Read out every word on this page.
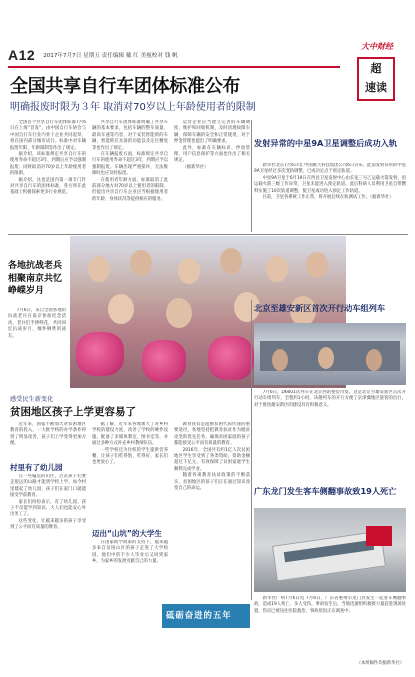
A12 2017年7月7日 星期五 责任编辑 戴 红 美视校对 钱 帆
大中财经
超
速读
全国共享自行车团体标准公布
明确报废时限为３年 取消对70岁以上年龄使用者的限制

全国首个共享自行车团体标准7月6日在上海“首发”，由中国自行车协会与中国自行车行业内骨干企业共同起草，将在国内部分城市试行。标准中对车辆报废年限、年龄限制等作出了规定。

据介绍，该标准规定共享自行车的使用寿命不超过3年，到期后应予以强制报废；同时取消对70岁以上年龄使用者的限制。

据介绍，这也是国内第一项专门针对共享自行车的团体标准，各方将在此基础上积极探索更多行业规范。

共享自行车团体标准明确了共享车辆的基本要求，包括车辆的整车质量、最高车速等内容，对于安装智能锁的车辆，智能锁应具备的功能以及定位精度等也作出了规定。

在车辆报废方面，标准规定共享自行车的使用寿命不超过3年，到期应予以强制报废。车辆出现严重损坏、无法维修时也应及时报废。

在使用者年龄方面，标准取消了此前部分地方对70岁以上使用者的限制，但提出共享自行车企业应当根据使用者的年龄、身体状况等提供相应的服务。

运营企业应当建立完善的车辆调度、维护和回收机制，及时清理故障车辆，保障车辆的安全和正常使用，对于押金管理也提出了明确要求。

此外，标准在车辆标识、停放管理、用户信息保护等方面也作出了相关规定。

（据新华社）

发射异常的中星9A卫星调整后成功入轨

新华社北京7月6日电 中国航天科技集团公司6日宣布，此前发射异常的中星9A卫星经过多次变轨调整，已成功定点于预定轨道。

中星9A卫星于6月19日在西昌卫星发射中心由长征三号乙运载火箭发射，因运载火箭三级工作异常，卫星未能进入预定轨道。此后科研人员利用卫星自带燃料实施了10次轨道调整，使卫星成功进入预定工作轨道。

目前，卫星各系统工作正常，将开展后续在轨测试工作。（据新华社）

各地抗战老兵相聚南京共忆峥嵘岁月

7月6日，来自全国各地的抗战老兵在南京参加纪念活动，老兵们手捧鲜花，共同回忆抗战岁月，缅怀牺牲的战友。

北京至雄安新区首次开行动车组列车

7月6日，D6601次列车在北京西站整装待发。这是北京至雄安新区首次开行动车组列车，全程约1小时。该趟列车的开行方便了京津冀地区旅客的出行，对于推进雄安新区的建设具有积极意义。

感受民生新变化
贫困地区孩子上学更容易了

近年来，国家不断加大对贫困地区教育的投入，一大批学校的办学条件得到了明显改善，孩子们上学变得更加方便。

村里有了幼儿园

在一些偏远的山区，过去孩子们要走很远的山路才能到学校上学。如今村里建起了幼儿园，孩子们在家门口就能接受学前教育。

家长们纷纷表示，有了幼儿园，孩子不仅能学到知识，大人们也能安心外出务工了。

这些变化，让越来越多的孩子享受到了公平而有质量的教育。

据了解，近年来各地加大了对乡村学校的建设力度，改善了学校的硬件设施，配备了多媒体教室、图书室等，并通过多种方式补充乡村教师队伍。

一些学校还为住校的学生提供营养餐，让孩子们吃得饱、吃得好，家长们也更放心了。

迈出“山坑”的大学生

在国家助学政策的支持下，越来越多来自贫困山区的孩子走进了大学校园，他们中的不少人毕业后又回到家乡，为家乡的发展贡献自己的力量。

教育扶贫是阻断贫困代际传递的重要途径。各地坚持把教育扶贫作为脱贫攻坚的优先任务，确保贫困家庭的孩子都能接受公平而有质量的教育。

2016年，全国共有约1亿人次贫困地区学生享受到了各类资助，资助金额超过千亿元，有效保障了贫困家庭学生顺利完成学业。

随着各项教育扶贫政策的不断落实，贫困地区的孩子们正在通过知识改变自己的命运。	广东龙门发生客车侧翻事故致19人死亡

新华社广州7月6日电 7月6日，广东省惠州市龙门县发生一起客车侧翻事故，造成19人死亡、多人受伤。事故发生后，当地迅速组织救援力量赶赴现场处置，伤员已被送往医院救治，事故原因正在调查中。

（本组稿件均据新华社）
砥砺奋进的五年
